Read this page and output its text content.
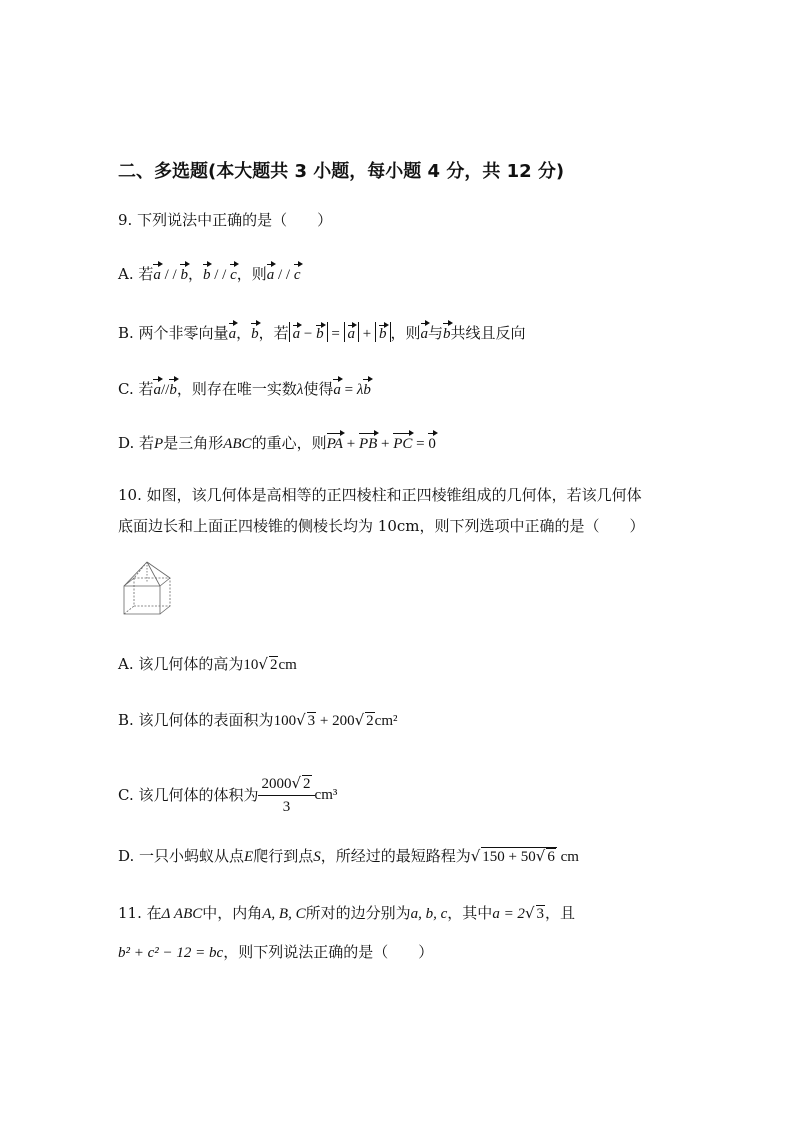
二、多选题(本大题共 3 小题，每小题 4 分，共 12 分)
9. 下列说法中正确的是（　　）
A. 若a / / b，b / / c，则a / / c
B. 两个非零向量a，b，若 a − b = a + b ，则a与b共线且反向
C. 若a//b，则存在唯一实数λ使得a = λb
D. 若P是三角形ABC的重心，则PA + PB + PC = 0
10. 如图，该几何体是高相等的正四棱柱和正四棱锥组成的几何体，若该几何体
底面边长和上面正四棱锥的侧棱长均为 10cm，则下列选项中正确的是（　　）
A. 该几何体的高为10√ 2cm
B. 该几何体的表面积为100√ 3 + 200√ 2cm²
C. 该几何体的体积为 $\frac{2000√ 2}{3} cm^3$
D. 一只小蚂蚁从点E爬行到点S，所经过的最短路程为√ 150 + 50√ 6 cm
11. 在Δ ABC中，内角A, B, C所对的边分别为a, b, c，其中a = 2√ 3，且
b² + c² − 12 = bc，则下列说法正确的是（　　）
